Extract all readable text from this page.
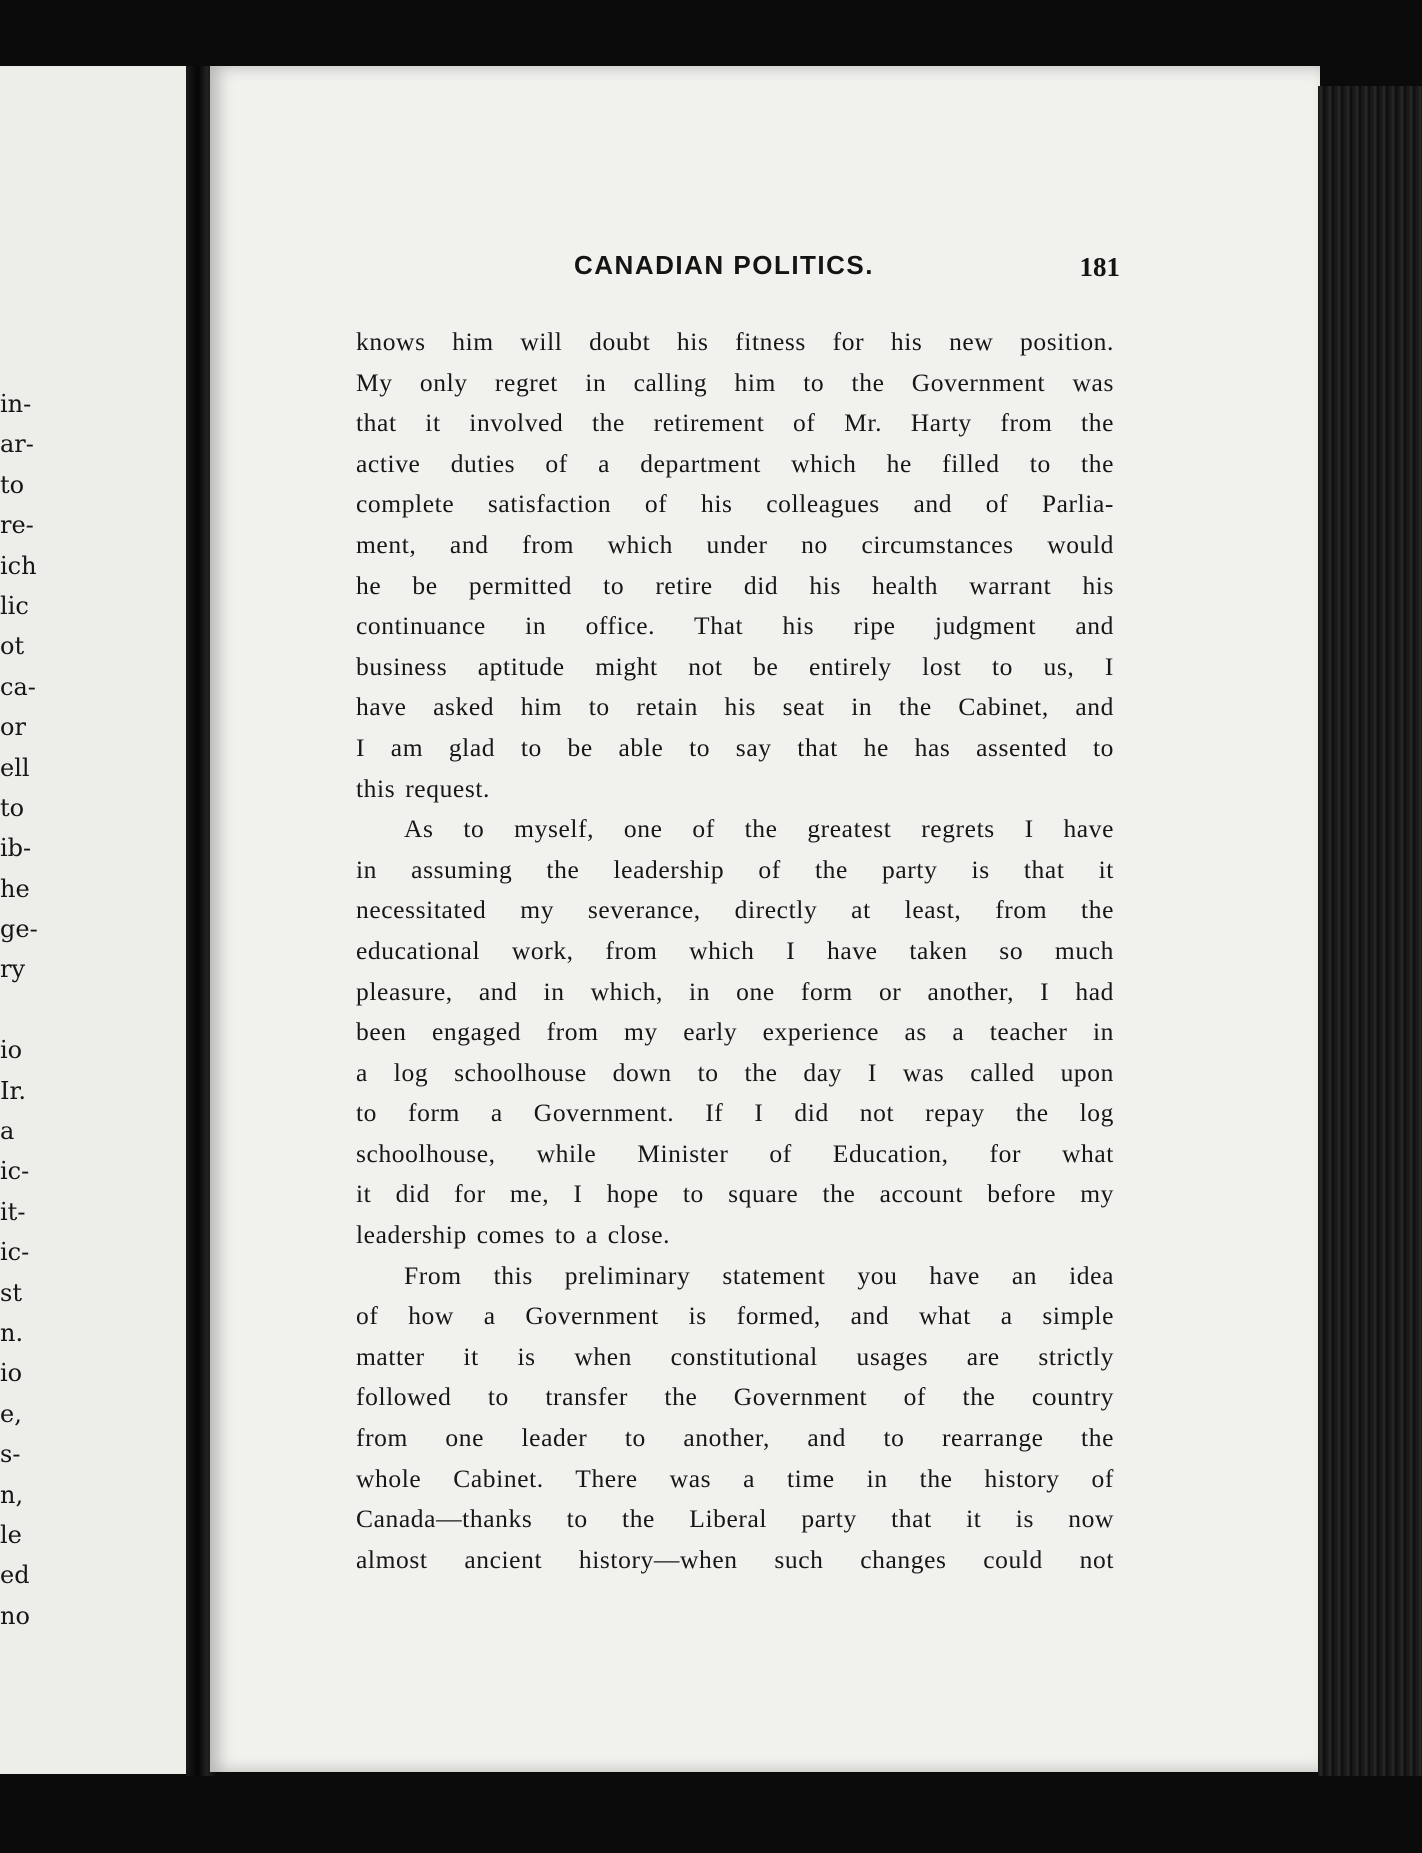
in-
ar-
to
re-
ich
lic
ot
ca-
or
ell
to
ib-
he
ge-
ry
io
Ir.
a
ic-
it-
ic-
st
n.
io
e,
s-
n,
le
ed
no
CANADIAN POLITICS.	181
knows him will doubt his fitness for his new position.
My only regret in calling him to the Government was
that it involved the retirement of Mr. Harty from the
active duties of a department which he filled to the
complete satisfaction of his colleagues and of Parlia-
ment, and from which under no circumstances would
he be permitted to retire did his health warrant his
continuance in office. That his ripe judgment and
business aptitude might not be entirely lost to us, I
have asked him to retain his seat in the Cabinet, and
I am glad to be able to say that he has assented to
this request.
As to myself, one of the greatest regrets I have
in assuming the leadership of the party is that it
necessitated my severance, directly at least, from the
educational work, from which I have taken so much
pleasure, and in which, in one form or another, I had
been engaged from my early experience as a teacher in
a log schoolhouse down to the day I was called upon
to form a Government. If I did not repay the log
schoolhouse, while Minister of Education, for what
it did for me, I hope to square the account before my
leadership comes to a close.
From this preliminary statement you have an idea
of how a Government is formed, and what a simple
matter it is when constitutional usages are strictly
followed to transfer the Government of the country
from one leader to another, and to rearrange the
whole Cabinet. There was a time in the history of
Canada—thanks to the Liberal party that it is now
almost ancient history—when such changes could not
